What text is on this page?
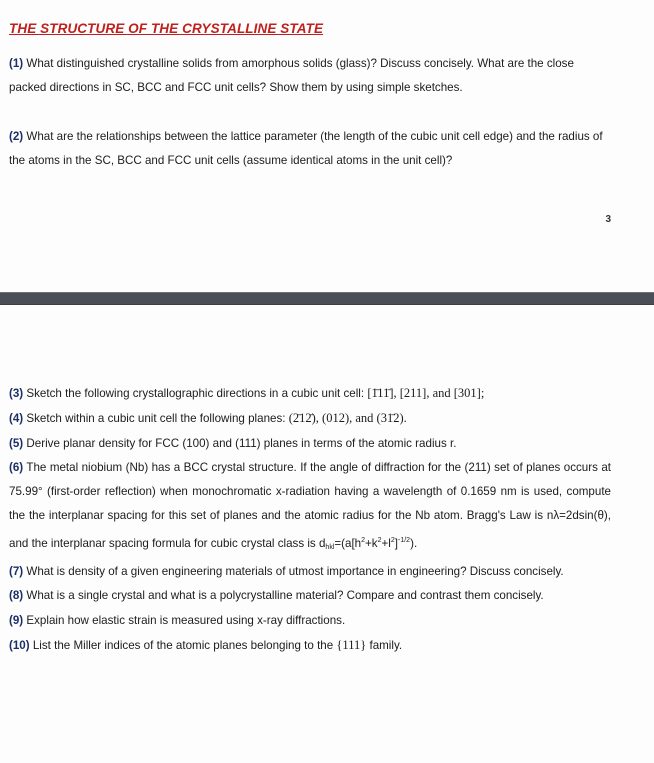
THE STRUCTURE OF THE CRYSTALLINE STATE
(1) What distinguished crystalline solids from amorphous solids (glass)? Discuss concisely. What are the close packed directions in SC, BCC and FCC unit cells? Show them by using simple sketches.
(2) What are the relationships between the lattice parameter (the length of the cubic unit cell edge) and the radius of the atoms in the SC, BCC and FCC unit cells (assume identical atoms in the unit cell)?
3
(3) Sketch the following crystallographic directions in a cubic unit cell: [1̄11̄], [211], and [301];
(4) Sketch within a cubic unit cell the following planes: (2̄12̄), (012), and (31̄2).
(5) Derive planar density for FCC (100) and (111) planes in terms of the atomic radius r.
(6) The metal niobium (Nb) has a BCC crystal structure. If the angle of diffraction for the (211) set of planes occurs at 75.99° (first-order reflection) when monochromatic x-radiation having a wavelength of 0.1659 nm is used, compute the the interplanar spacing for this set of planes and the atomic radius for the Nb atom. Bragg's Law is nλ=2dsin(θ), and the interplanar spacing formula for cubic crystal class is $d_{hkl}=(a[h^2+k^2+l^2]^{-1/2})$.
(7) What is density of a given engineering materials of utmost importance in engineering? Discuss concisely.
(8) What is a single crystal and what is a polycrystalline material? Compare and contrast them concisely.
(9) Explain how elastic strain is measured using x-ray diffractions.
(10) List the Miller indices of the atomic planes belonging to the {111} family.
